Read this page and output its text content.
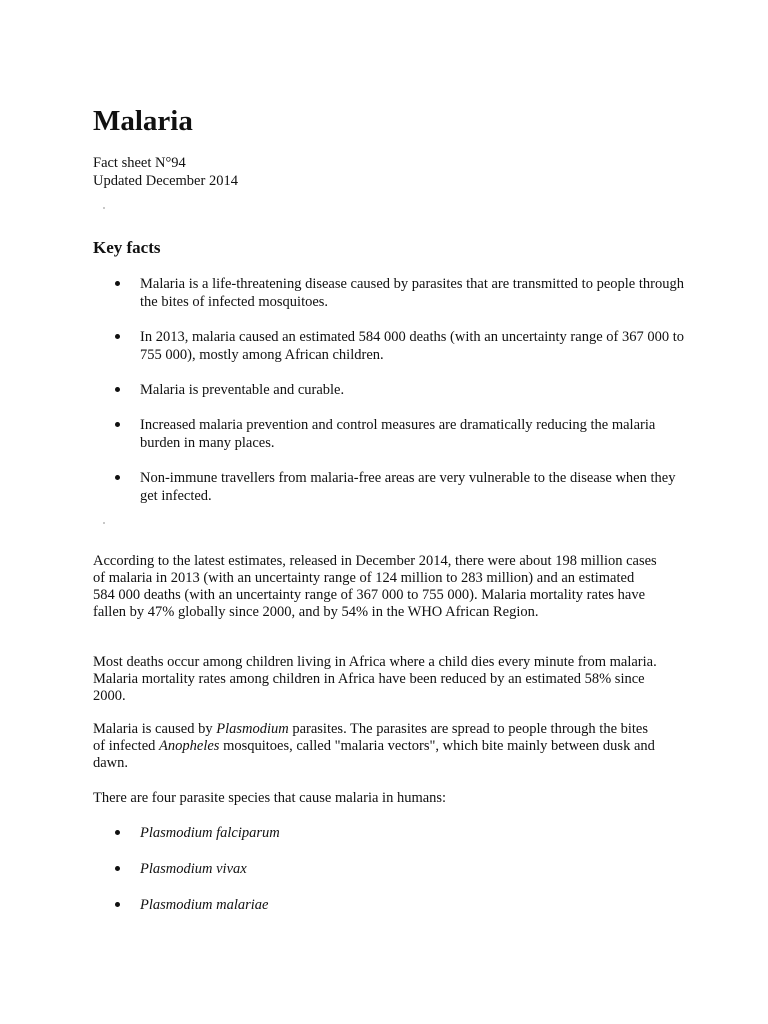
Malaria
Fact sheet N°94
Updated December 2014
Key facts
Malaria is a life-threatening disease caused by parasites that are transmitted to people through the bites of infected mosquitoes.
In 2013, malaria caused an estimated 584 000 deaths (with an uncertainty range of 367 000 to 755 000), mostly among African children.
Malaria is preventable and curable.
Increased malaria prevention and control measures are dramatically reducing the malaria burden in many places.
Non-immune travellers from malaria-free areas are very vulnerable to the disease when they get infected.

According to the latest estimates, released in December 2014, there were about 198 million cases of malaria in 2013 (with an uncertainty range of 124 million to 283 million) and an estimated 584 000 deaths (with an uncertainty range of 367 000 to 755 000). Malaria mortality rates have fallen by 47% globally since 2000, and by 54% in the WHO African Region.

Most deaths occur among children living in Africa where a child dies every minute from malaria. Malaria mortality rates among children in Africa have been reduced by an estimated 58% since 2000.

Malaria is caused by Plasmodium parasites. The parasites are spread to people through the bites of infected Anopheles mosquitoes, called "malaria vectors", which bite mainly between dusk and dawn.

There are four parasite species that cause malaria in humans:

Plasmodium falciparum
Plasmodium vivax
Plasmodium malariae
